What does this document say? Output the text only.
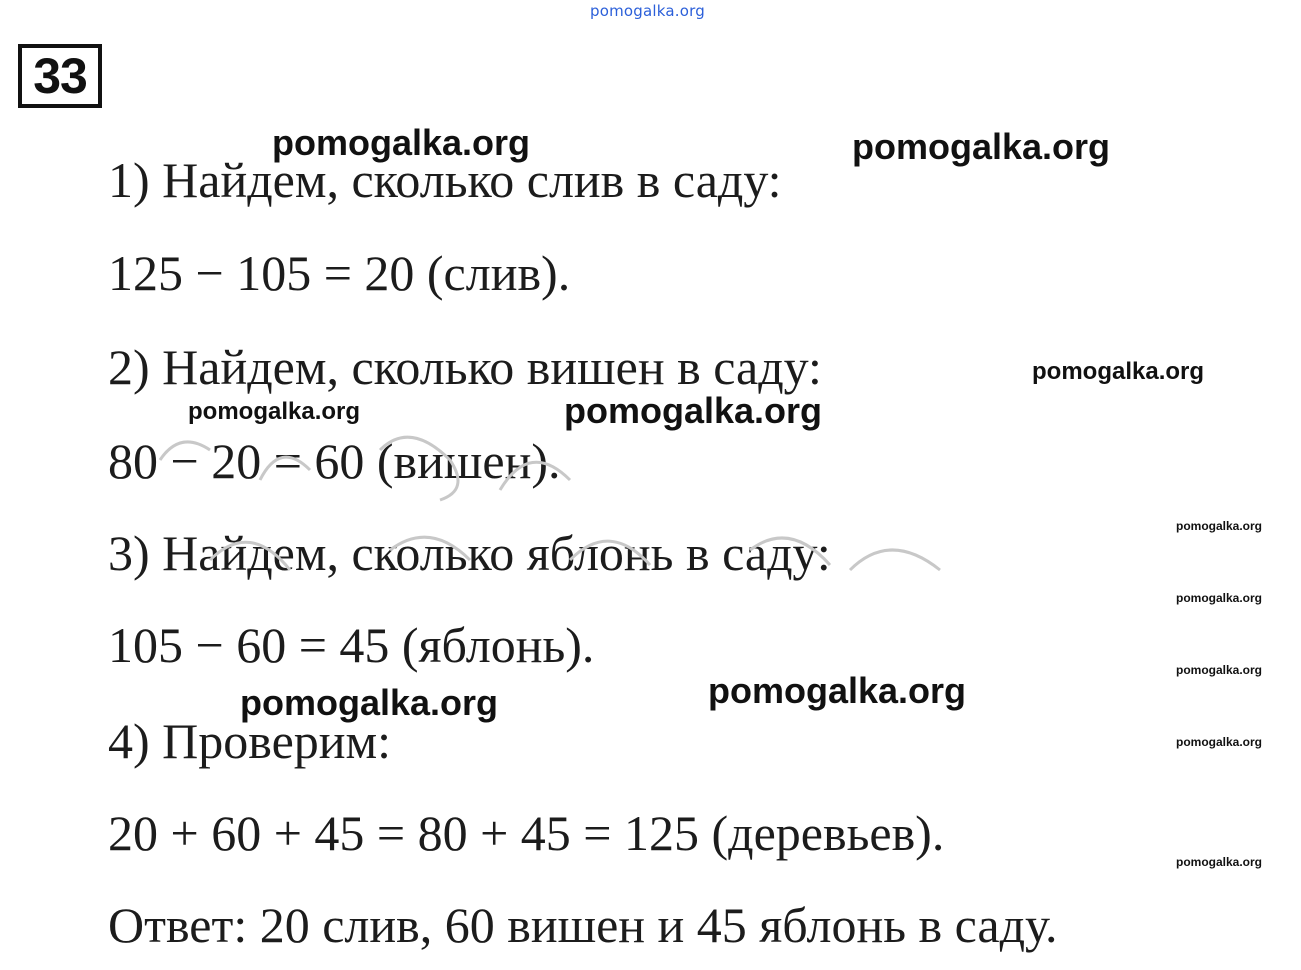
pomogalka.org
33
1) Найдем, сколько слив в саду:
125 − 105 = 20 (слив).
2) Найдем, сколько вишен в саду:
80 − 20 = 60 (вишен).
3) Найдем, сколько яблонь в саду:
105 − 60 = 45 (яблонь).
4) Проверим:
20 + 60 + 45 = 80 + 45 = 125 (деревьев).
Ответ: 20 слив, 60 вишен и 45 яблонь в саду.
pomogalka.org	pomogalka.org
pomogalka.org
pomogalka.org	pomogalka.org
pomogalka.org
pomogalka.org
pomogalka.org
pomogalka.org
pomogalka.org
pomogalka.org
pomogalka.org
